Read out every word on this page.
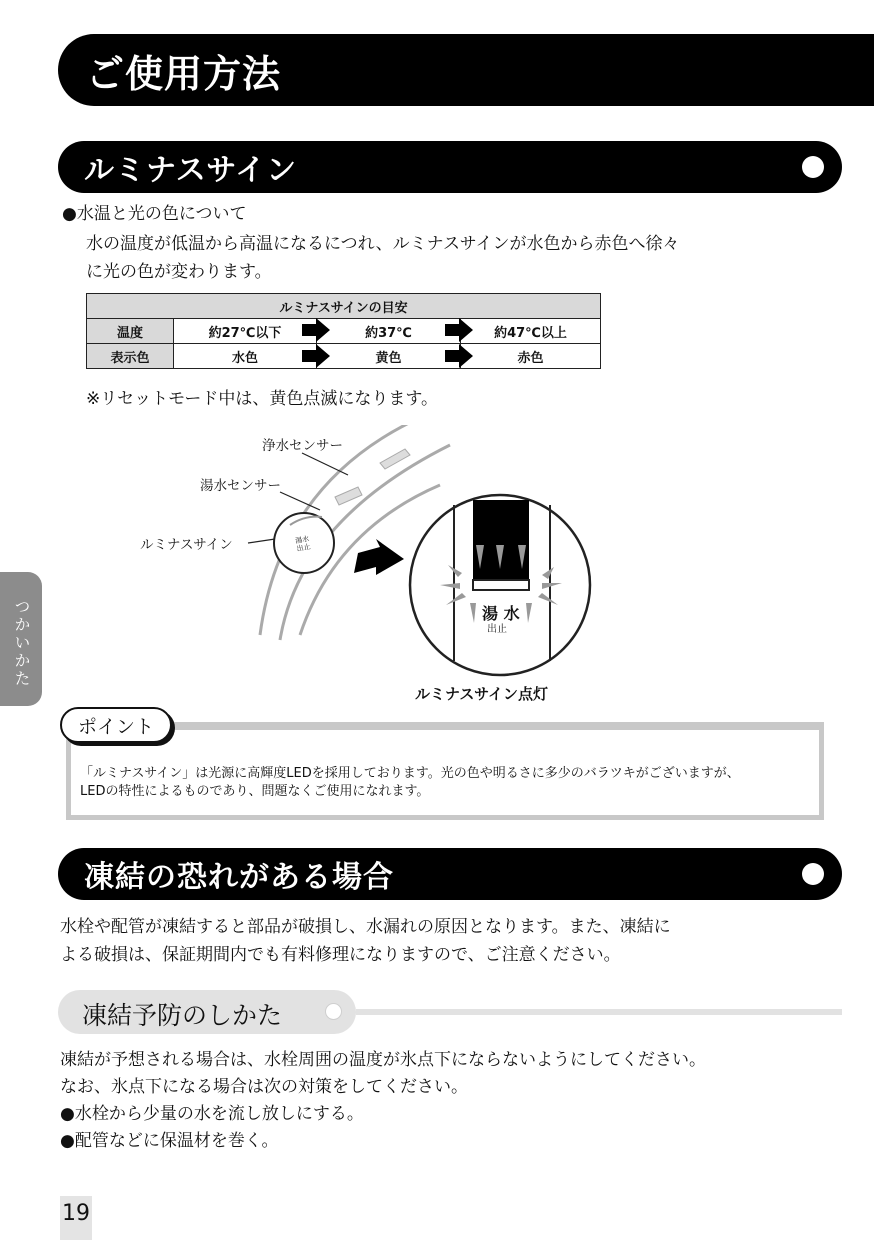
ご使用方法
ルミナスサイン
●水温と光の色について
水の温度が低温から高温になるにつれ、ルミナスサインが水色から赤色へ徐々
に光の色が変わります。
ルミナスサインの目安			
温度	約27℃以下	約37℃	約47℃以上
表示色	水色	黄色	赤色
※リセットモード中は、黄色点滅になります。
浄水センサー
湯水センサー
ルミナスサイン	湯水
出止
湯 水
出止
ルミナスサイン点灯
つかいかた
ポイント
「ルミナスサイン」は光源に高輝度LEDを採用しております。光の色や明るさに多少のバラツキがございますが、
LEDの特性によるものであり、問題なくご使用になれます。
凍結の恐れがある場合
水栓や配管が凍結すると部品が破損し、水漏れの原因となります。また、凍結に
よる破損は、保証期間内でも有料修理になりますので、ご注意ください。
凍結予防のしかた
凍結が予想される場合は、水栓周囲の温度が氷点下にならないようにしてください。
なお、氷点下になる場合は次の対策をしてください。
●水栓から少量の水を流し放しにする。
●配管などに保温材を巻く。
19
